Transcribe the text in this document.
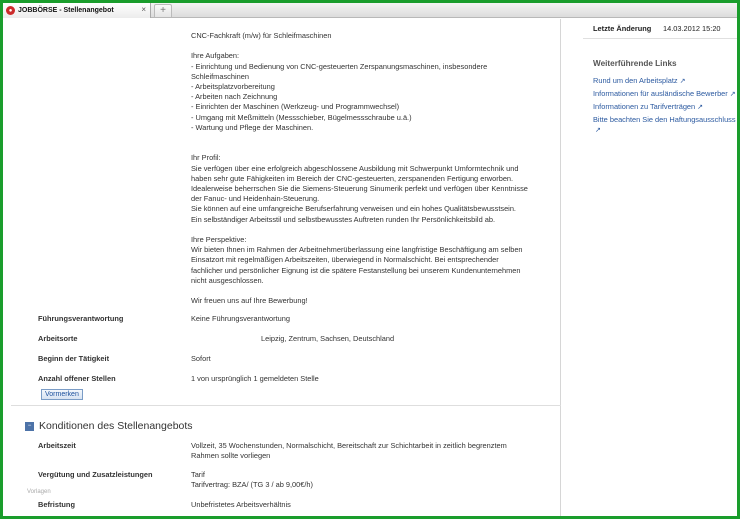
● JOBBÖRSE - Stellenangebot	×	+

CNC-Fachkraft (m/w) für Schleifmaschinen

Ihre Aufgaben:

- Einrichtung und Bedienung von CNC-gesteuerten Zerspanungsmaschinen, insbesondere

Schleifmaschinen

- Arbeitsplatzvorbereitung

- Arbeiten nach Zeichnung

- Einrichten der Maschinen (Werkzeug- und Programmwechsel)

- Umgang mit Meßmitteln (Messschieber, Bügelmessschraube u.ä.)

- Wartung und Pflege der Maschinen.

Ihr Profil:

Sie verfügen über eine erfolgreich abgeschlossene Ausbildung mit Schwerpunkt Umformtechnik und

haben sehr gute Fähigkeiten im Bereich der CNC-gesteuerten, zerspanenden Fertigung erworben.

Idealerweise beherrschen Sie die Siemens-Steuerung Sinumerik perfekt und verfügen über Kenntnisse

der Fanuc- und Heidenhain-Steuerung.

Sie können auf eine umfangreiche Berufserfahrung verweisen und ein hohes Qualitätsbewusstsein.

Ein selbständiger Arbeitsstil und selbstbewusstes Auftreten runden Ihr Persönlichkeitsbild ab.

Ihre Perspektive:

Wir bieten Ihnen im Rahmen der Arbeitnehmerüberlassung eine langfristige Beschäftigung am selben

Einsatzort mit regelmäßigen Arbeitszeiten, überwiegend in Normalschicht. Bei entsprechender

fachlicher und persönlicher Eignung ist die spätere Festanstellung bei unserem Kundenunternehmen

nicht ausgeschlossen.

Wir freuen uns auf Ihre Bewerbung!

Führungsverantwortung	Keine Führungsverantwortung
Arbeitsorte	Leipzig, Zentrum, Sachsen, Deutschland
Beginn der Tätigkeit	Sofort
Anzahl offener Stellen	1 von ursprünglich 1 gemeldeten Stelle
Vormerken
− Konditionen des Stellenangebots
Arbeitszeit	Vollzeit, 35 Wochenstunden, Normalschicht, Bereitschaft zur Schichtarbeit in zeitlich begrenztem
Rahmen sollte vorliegen
Vergütung und Zusatzleistungen	Tarif
Tarifvertrag: BZA/ (TG 3 / ab 9,00€/h)
Vorlagen
Befristung	Unbefristetes Arbeitsverhältnis
Letzte Änderung 14.03.2012 15:20
Weiterführende Links
Rund um den Arbeitsplatz ↗
Informationen für ausländische Bewerber ↗
Informationen zu Tarifverträgen ↗
Bitte beachten Sie den Haftungsausschluss↗
